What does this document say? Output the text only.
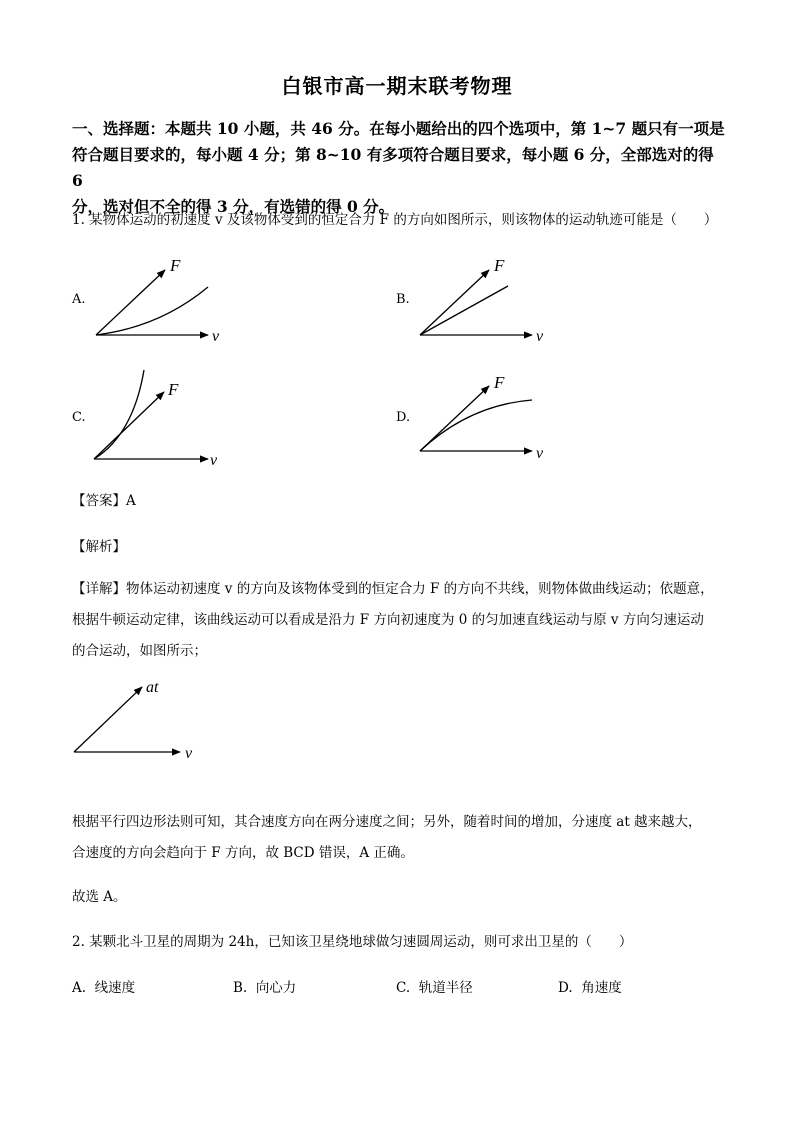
白银市高一期末联考物理
一、选择题：本题共 10 小题，共 46 分。在每小题给出的四个选项中，第 1~7 题只有一项是
符合题目要求的，每小题 4 分；第 8~10 有多项符合题目要求，每小题 6 分，全部选对的得 6
分，选对但不全的得 3 分，有选错的得 0 分。
1. 某物体运动的初速度 v 及该物体受到的恒定合力 F 的方向如图所示，则该物体的运动轨迹可能是（　　）
A.
F
v
B.
F
v
C.
F
v
D.
F
v
【答案】A
【解析】
【详解】物体运动初速度 v 的方向及该物体受到的恒定合力 F 的方向不共线，则物体做曲线运动；依题意，
根据牛顿运动定律，该曲线运动可以看成是沿力 F 方向初速度为 0 的匀加速直线运动与原 v 方向匀速运动
的合运动，如图所示；
at
v
根据平行四边形法则可知，其合速度方向在两分速度之间；另外，随着时间的增加，分速度 at 越来越大，
合速度的方向会趋向于 F 方向，故 BCD 错误，A 正确。
故选 A。
2. 某颗北斗卫星的周期为 24h，已知该卫星绕地球做匀速圆周运动，则可求出卫星的（　　）
A. 线速度	B. 向心力	C. 轨道半径	D. 角速度
